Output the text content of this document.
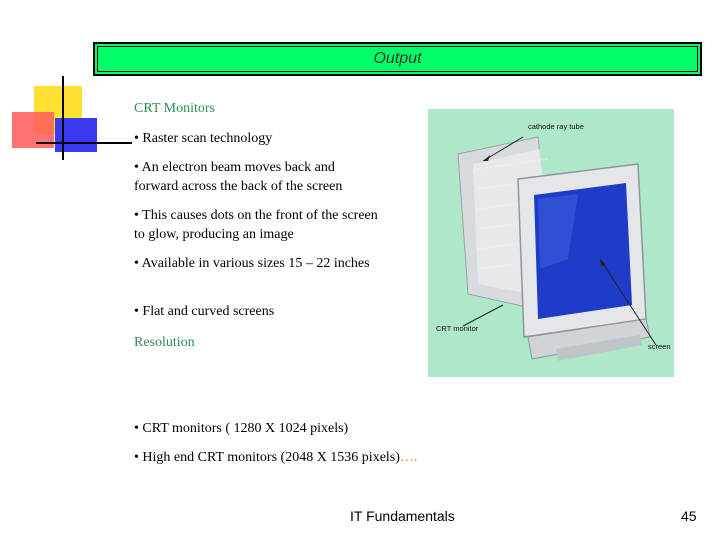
Output
CRT Monitors
• Raster scan technology
• An electron beam moves back and forward across the back of the screen
• This causes dots on the front of the screen to glow, producing an image
• Available in various sizes 15 – 22 inches
• Flat and curved screens
Resolution
• CRT monitors ( 1280 X 1024 pixels)
• High end CRT monitors (2048 X 1536 pixels)….
cathode ray tube
CRT monitor
screen
IT Fundamentals	45
